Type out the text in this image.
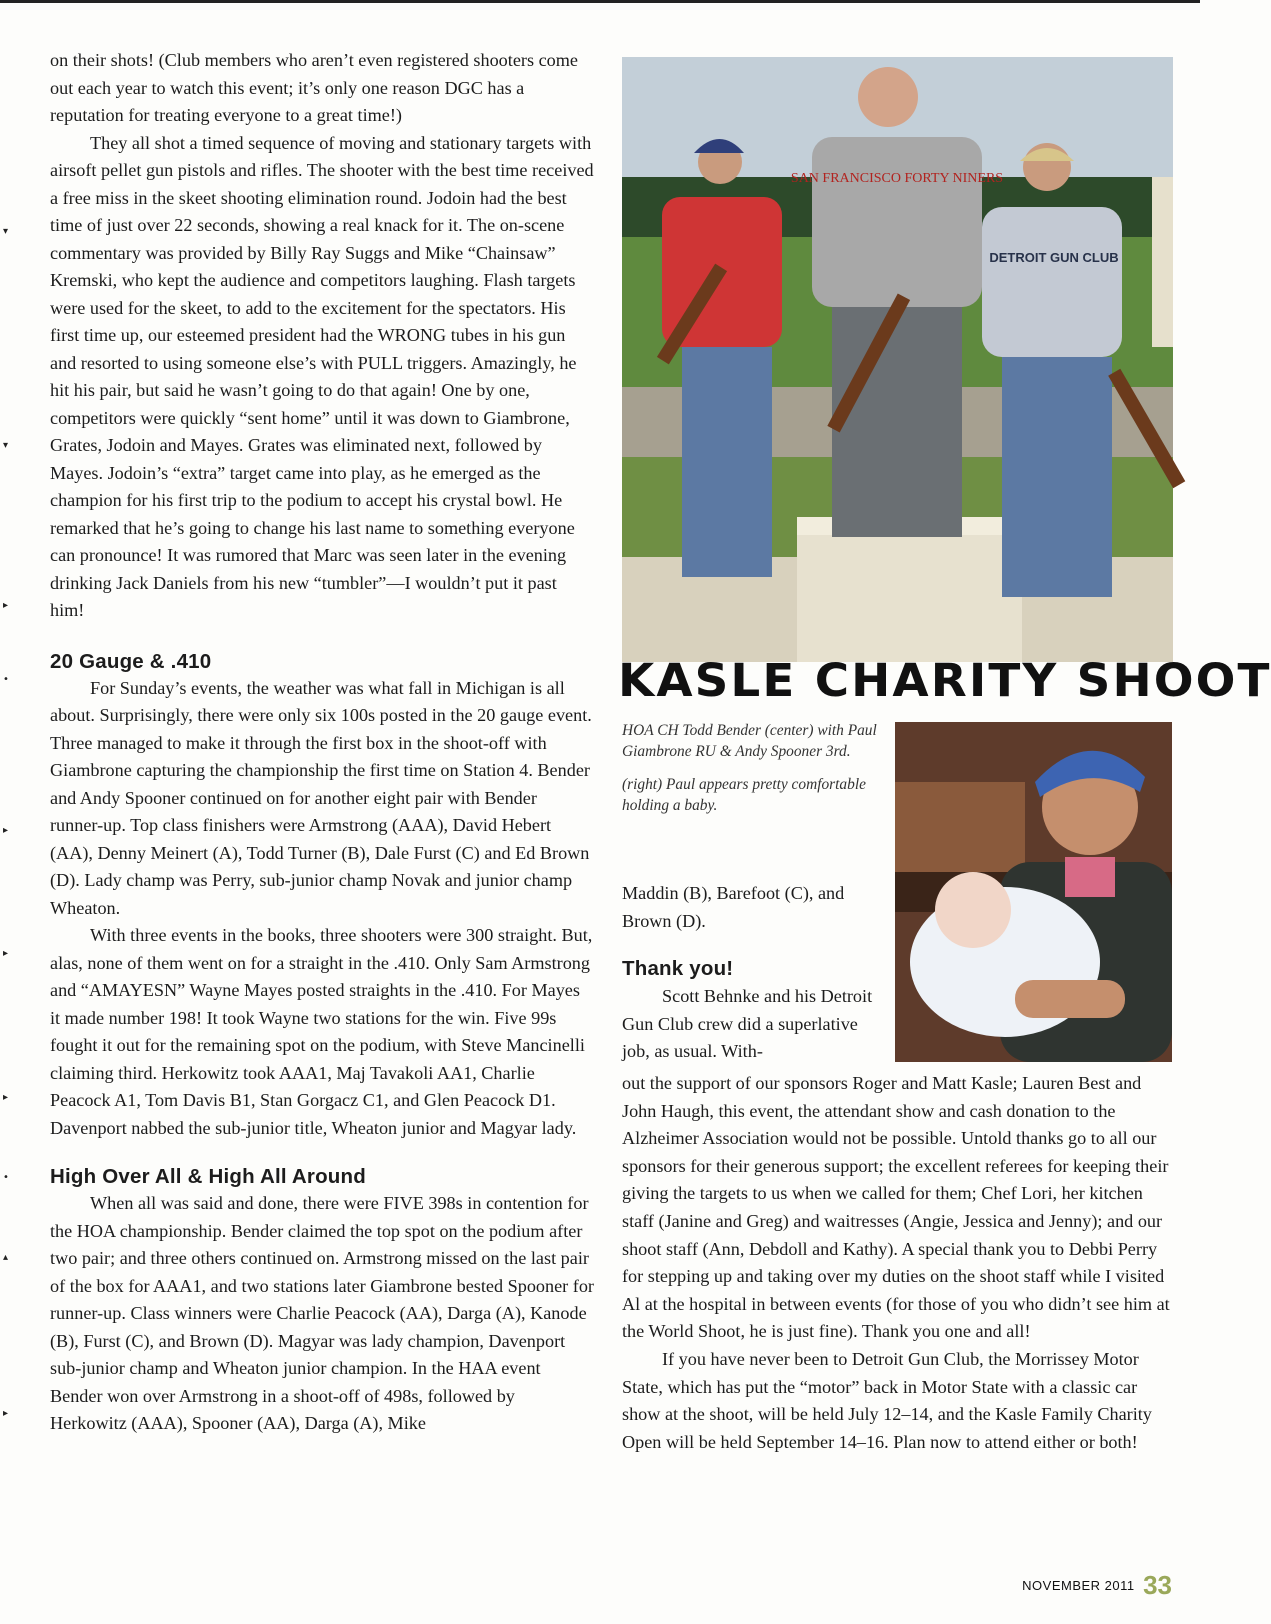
▾
▾
▸
•
▸
▸
▸
•
▴
▸

on their shots! (Club members who aren’t even registered shooters come out each year to watch this event; it’s only one reason DGC has a reputation for treating everyone to a great time!)

They all shot a timed sequence of moving and stationary targets with airsoft pellet gun pistols and rifles. The shooter with the best time received a free miss in the skeet shooting elimination round. Jodoin had the best time of just over 22 seconds, showing a real knack for it. The on-scene commentary was provided by Billy Ray Suggs and Mike “Chainsaw” Kremski, who kept the audience and competitors laughing. Flash targets were used for the skeet, to add to the excitement for the spectators. His first time up, our esteemed president had the WRONG tubes in his gun and resorted to using someone else’s with PULL triggers. Amazingly, he hit his pair, but said he wasn’t going to do that again! One by one, competitors were quickly “sent home” until it was down to Giambrone, Grates, Jodoin and Mayes. Grates was eliminated next, followed by Mayes. Jodoin’s “extra” target came into play, as he emerged as the champion for his first trip to the podium to accept his crystal bowl. He remarked that he’s going to change his last name to something everyone can pronounce! It was rumored that Marc was seen later in the evening drinking Jack Daniels from his new “tumbler”—I wouldn’t put it past him!

20 Gauge & .410

For Sunday’s events, the weather was what fall in Michigan is all about. Surprisingly, there were only six 100s posted in the 20 gauge event. Three managed to make it through the first box in the shoot-off with Giambrone capturing the championship the first time on Station 4. Bender and Andy Spooner continued on for another eight pair with Bender runner-up. Top class finishers were Armstrong (AAA), David Hebert (AA), Denny Meinert (A), Todd Turner (B), Dale Furst (C) and Ed Brown (D). Lady champ was Perry, sub-junior champ Novak and junior champ Wheaton.

With three events in the books, three shooters were 300 straight. But, alas, none of them went on for a straight in the .410. Only Sam Armstrong and “AMAYESN” Wayne Mayes posted straights in the .410. For Mayes it made number 198! It took Wayne two stations for the win. Five 99s fought it out for the remaining spot on the podium, with Steve Mancinelli claiming third. Herkowitz took AAA1, Maj Tavakoli AA1, Charlie Peacock A1, Tom Davis B1, Stan Gorgacz C1, and Glen Peacock D1. Davenport nabbed the sub-junior title, Wheaton junior and Magyar lady.

High Over All & High All Around

When all was said and done, there were FIVE 398s in contention for the HOA championship. Bender claimed the top spot on the podium after two pair; and three others continued on. Armstrong missed on the last pair of the box for AAA1, and two stations later Giambrone bested Spooner for runner-up. Class winners were Charlie Peacock (AA), Darga (A), Kanode (B), Furst (C), and Brown (D). Magyar was lady champion, Davenport sub-junior champ and Wheaton junior champion. In the HAA event Bender won over Armstrong in a shoot-off of 498s, followed by Herkowitz (AAA), Spooner (AA), Darga (A), Mike

SAN FRANCISCO FORTY NINERS
DETROIT GUN CLUB
KASLE CHARITY SHOOT

HOA CH Todd Bender (center) with Paul Giambrone RU & Andy Spooner 3rd.

(right) Paul appears pretty comfortable holding a baby.

Maddin (B), Barefoot (C), and Brown (D).

Thank you!

Scott Behnke and his Detroit Gun Club crew did a superlative job, as usual. With-

out the support of our sponsors Roger and Matt Kasle; Lauren Best and John Haugh, this event, the attendant show and cash donation to the Alzheimer Association would not be possible. Untold thanks go to all our sponsors for their generous support; the excellent referees for keeping their giving the targets to us when we called for them; Chef Lori, her kitchen staff (Janine and Greg) and waitresses (Angie, Jessica and Jenny); and our shoot staff (Ann, Debdoll and Kathy). A special thank you to Debbi Perry for stepping up and taking over my duties on the shoot staff while I visited Al at the hospital in between events (for those of you who didn’t see him at the World Shoot, he is just fine). Thank you one and all!

If you have never been to Detroit Gun Club, the Morrissey Motor State, which has put the “motor” back in Motor State with a classic car show at the shoot, will be held July 12–14, and the Kasle Family Charity Open will be held September 14–16. Plan now to attend either or both!

NOVEMBER 2011 33
